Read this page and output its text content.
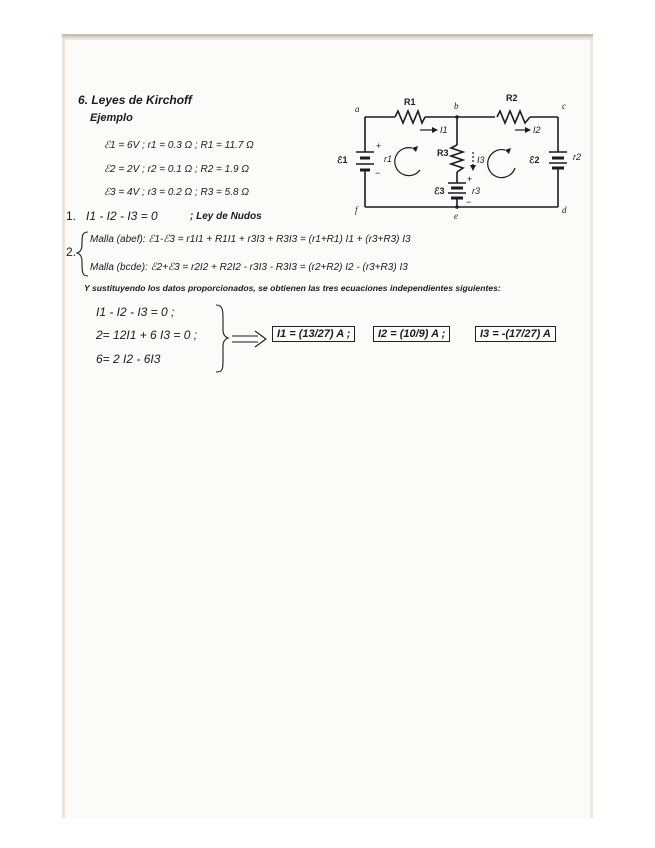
6. Leyes de Kirchoff
Ejemplo
ℰ1 = 6V ; r1 = 0.3 Ω ; R1 = 11.7 Ω
ℰ2 = 2V ; r2 = 0.1 Ω ; R2 = 1.9 Ω
ℰ3 = 4V ; r3 = 0.2 Ω ; R3 = 5.8 Ω
a	b	c
d
e
f
R1	R2
R3
I1	I2
I3
r1	r2
r3
ℰ1	ℰ2
ℰ3
+
−
+
−
1. I1 - I2 - I3 = 0	; Ley de Nudos
2.
Malla (abef): ℰ1-ℰ3 = r1I1 + R1I1 + r3I3 + R3I3 = (r1+R1) I1 + (r3+R3) I3
Malla (bcde): ℰ2+ℰ3 = r2I2 + R2I2 - r3I3 - R3I3 = (r2+R2) I2 - (r3+R3) I3
Y sustituyendo los datos proporcionados, se obtienen las tres ecuaciones independientes siguientes:
I1 - I2 - I3 = 0 ;
2= 12I1 + 6 I3 = 0 ;
6= 2 I2 - 6I3
I1 = (13/27) A ;	I2 = (10/9) A ;	I3 = -(17/27) A
